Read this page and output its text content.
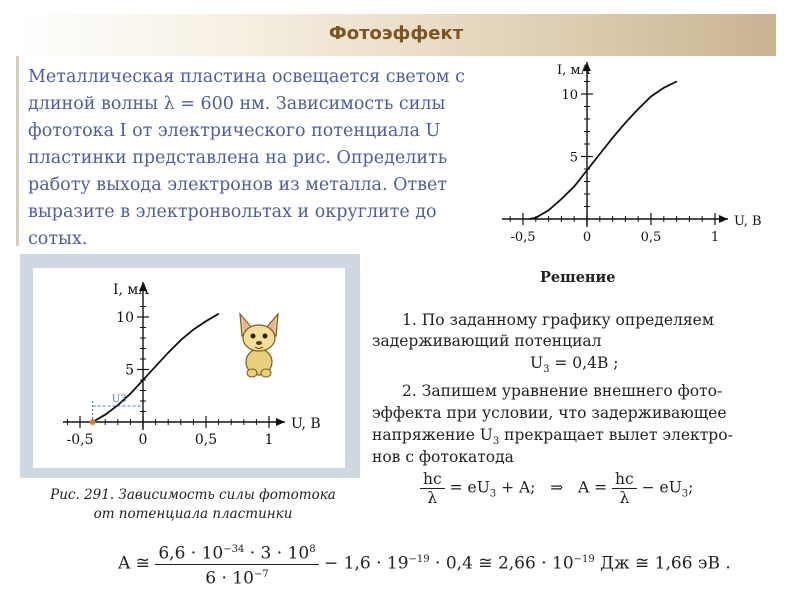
Фотоэффект
Металлическая пластина освещается светом с
длиной волны λ = 600 нм. Зависимость силы
фототока I от электрического потенциала U
пластинки представлена на рис. Определить
работу выхода электронов из металла. Ответ
выразите в электронвольтах и округлите до
сотых.	-0,5	0	0,5	1
5
10
I, мА
U, В
-0,5	0	0,5	1
5
10
I, мА
U, В
U3
Рис. 291. Зависимость силы фототока
от потенциала пластинки
Решение
1. По заданному графику определяем
задерживающий потенциал
$U_3 = 0,4В$ ;
2. Запишем уравнение внешнего фото-
эффекта при условии, что задерживающее
напряжение $U_3$ прекращает вылет электро-
нов с фотокатода
$\frac{hc}{\lambda} = eU_3 + A$; ⇒ $A = \frac{hc}{\lambda} - eU_3$;
A ≅ $\frac{6,6 \cdot 10^{-34} \cdot 3 \cdot 10^8}{6 \cdot 10^{-7}} - 1,6 \cdot 19^{-19} \cdot 0,4$ ≅ $2,66 \cdot 10^{-19}$ Дж ≅ 1,66 эВ .
